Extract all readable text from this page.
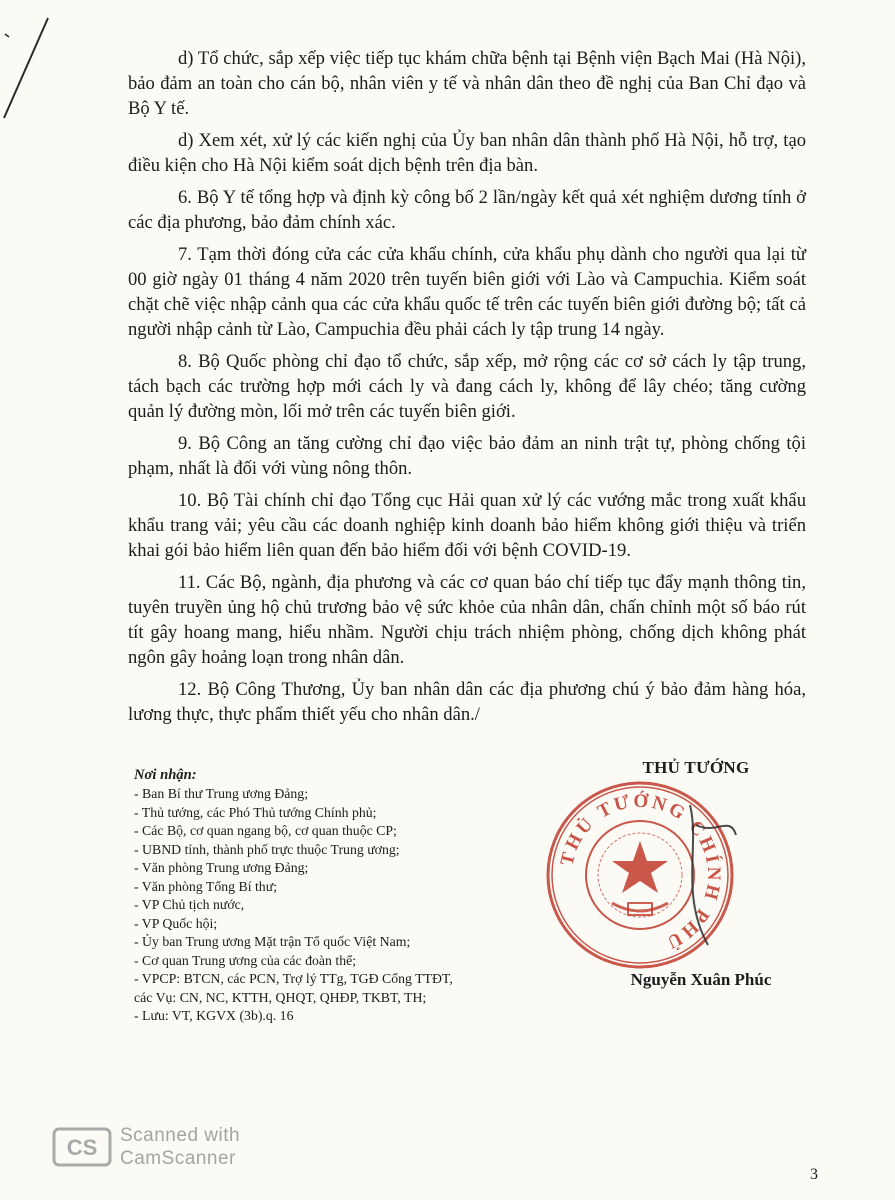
d) Tổ chức, sắp xếp việc tiếp tục khám chữa bệnh tại Bệnh viện Bạch Mai (Hà Nội), bảo đảm an toàn cho cán bộ, nhân viên y tế và nhân dân theo đề nghị của Ban Chỉ đạo và Bộ Y tế.

d) Xem xét, xử lý các kiến nghị của Ủy ban nhân dân thành phố Hà Nội, hỗ trợ, tạo điều kiện cho Hà Nội kiểm soát dịch bệnh trên địa bàn.

6. Bộ Y tế tổng hợp và định kỳ công bố 2 lần/ngày kết quả xét nghiệm dương tính ở các địa phương, bảo đảm chính xác.

7. Tạm thời đóng cửa các cửa khẩu chính, cửa khẩu phụ dành cho người qua lại từ 00 giờ ngày 01 tháng 4 năm 2020 trên tuyến biên giới với Lào và Campuchia. Kiểm soát chặt chẽ việc nhập cảnh qua các cửa khẩu quốc tế trên các tuyến biên giới đường bộ; tất cả người nhập cảnh từ Lào, Campuchia đều phải cách ly tập trung 14 ngày.

8. Bộ Quốc phòng chỉ đạo tổ chức, sắp xếp, mở rộng các cơ sở cách ly tập trung, tách bạch các trường hợp mới cách ly và đang cách ly, không để lây chéo; tăng cường quản lý đường mòn, lối mở trên các tuyến biên giới.

9. Bộ Công an tăng cường chỉ đạo việc bảo đảm an ninh trật tự, phòng chống tội phạm, nhất là đối với vùng nông thôn.

10. Bộ Tài chính chỉ đạo Tổng cục Hải quan xử lý các vướng mắc trong xuất khẩu khẩu trang vải; yêu cầu các doanh nghiệp kinh doanh bảo hiểm không giới thiệu và triển khai gói bảo hiểm liên quan đến bảo hiểm đối với bệnh COVID-19.

11. Các Bộ, ngành, địa phương và các cơ quan báo chí tiếp tục đẩy mạnh thông tin, tuyên truyền ủng hộ chủ trương bảo vệ sức khỏe của nhân dân, chấn chỉnh một số báo rút tít gây hoang mang, hiểu nhầm. Người chịu trách nhiệm phòng, chống dịch không phát ngôn gây hoảng loạn trong nhân dân.

12. Bộ Công Thương, Ủy ban nhân dân các địa phương chú ý bảo đảm hàng hóa, lương thực, thực phẩm thiết yếu cho nhân dân./

Nơi nhận:
- Ban Bí thư Trung ương Đảng;
- Thủ tướng, các Phó Thủ tướng Chính phủ;
- Các Bộ, cơ quan ngang bộ, cơ quan thuộc CP;
- UBND tỉnh, thành phố trực thuộc Trung ương;
- Văn phòng Trung ương Đảng;
- Văn phòng Tổng Bí thư;
- VP Chủ tịch nước,
- VP Quốc hội;
- Ủy ban Trung ương Mặt trận Tổ quốc Việt Nam;
- Cơ quan Trung ương của các đoàn thể;
- VPCP: BTCN, các PCN, Trợ lý TTg, TGĐ Cổng TTĐT,
các Vụ: CN, NC, KTTH, QHQT, QHĐP, TKBT, TH;
- Lưu: VT, KGVX (3b).q. 16
THỦ TƯỚNG
THỦ TƯỚNG CHÍNH PHỦ
Nguyễn Xuân Phúc
CS Scanned with
CamScanner
3
